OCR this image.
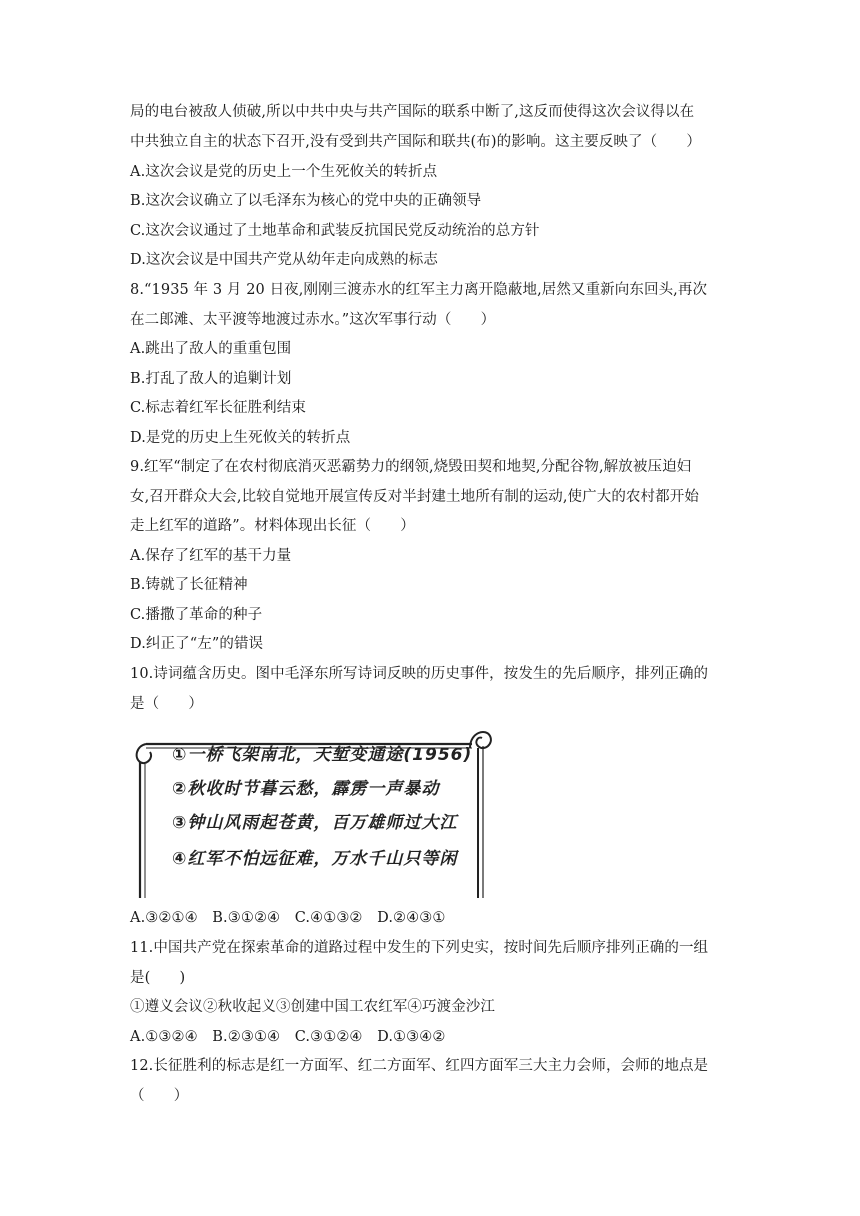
局的电台被敌人侦破,所以中共中央与共产国际的联系中断了,这反而使得这次会议得以在
中共独立自主的状态下召开,没有受到共产国际和联共(布)的影响。这主要反映了（　　）
A.这次会议是党的历史上一个生死攸关的转折点
B.这次会议确立了以毛泽东为核心的党中央的正确领导
C.这次会议通过了土地革命和武装反抗国民党反动统治的总方针
D.这次会议是中国共产党从幼年走向成熟的标志
8.“1935 年 3 月 20 日夜,刚刚三渡赤水的红军主力离开隐蔽地,居然又重新向东回头,再次
在二郎滩、太平渡等地渡过赤水。”这次军事行动（　　）
A.跳出了敌人的重重包围
B.打乱了敌人的追剿计划
C.标志着红军长征胜利结束
D.是党的历史上生死攸关的转折点
9.红军“制定了在农村彻底消灭恶霸势力的纲领,烧毁田契和地契,分配谷物,解放被压迫妇
女,召开群众大会,比较自觉地开展宣传反对半封建土地所有制的运动,使广大的农村都开始
走上红军的道路”。材料体现出长征（　　）
A.保存了红军的基干力量
B.铸就了长征精神
C.播撒了革命的种子
D.纠正了“左”的错误
10.诗词蕴含历史。图中毛泽东所写诗词反映的历史事件，按发生的先后顺序，排列正确的
是（　　）
①一桥飞架南北，天堑变通途(1956)
②秋收时节暮云愁，霹雳一声暴动
③钟山风雨起苍黄，百万雄师过大江
④红军不怕远征难，万水千山只等闲
A.③②①④　B.③①②④　C.④①③②　D.②④③①
11.中国共产党在探索革命的道路过程中发生的下列史实，按时间先后顺序排列正确的一组
是(　　)
①遵义会议②秋收起义③创建中国工农红军④巧渡金沙江
A.①③②④　B.②③①④　C.③①②④　D.①③④②
12.长征胜利的标志是红一方面军、红二方面军、红四方面军三大主力会师，会师的地点是
（　　）
